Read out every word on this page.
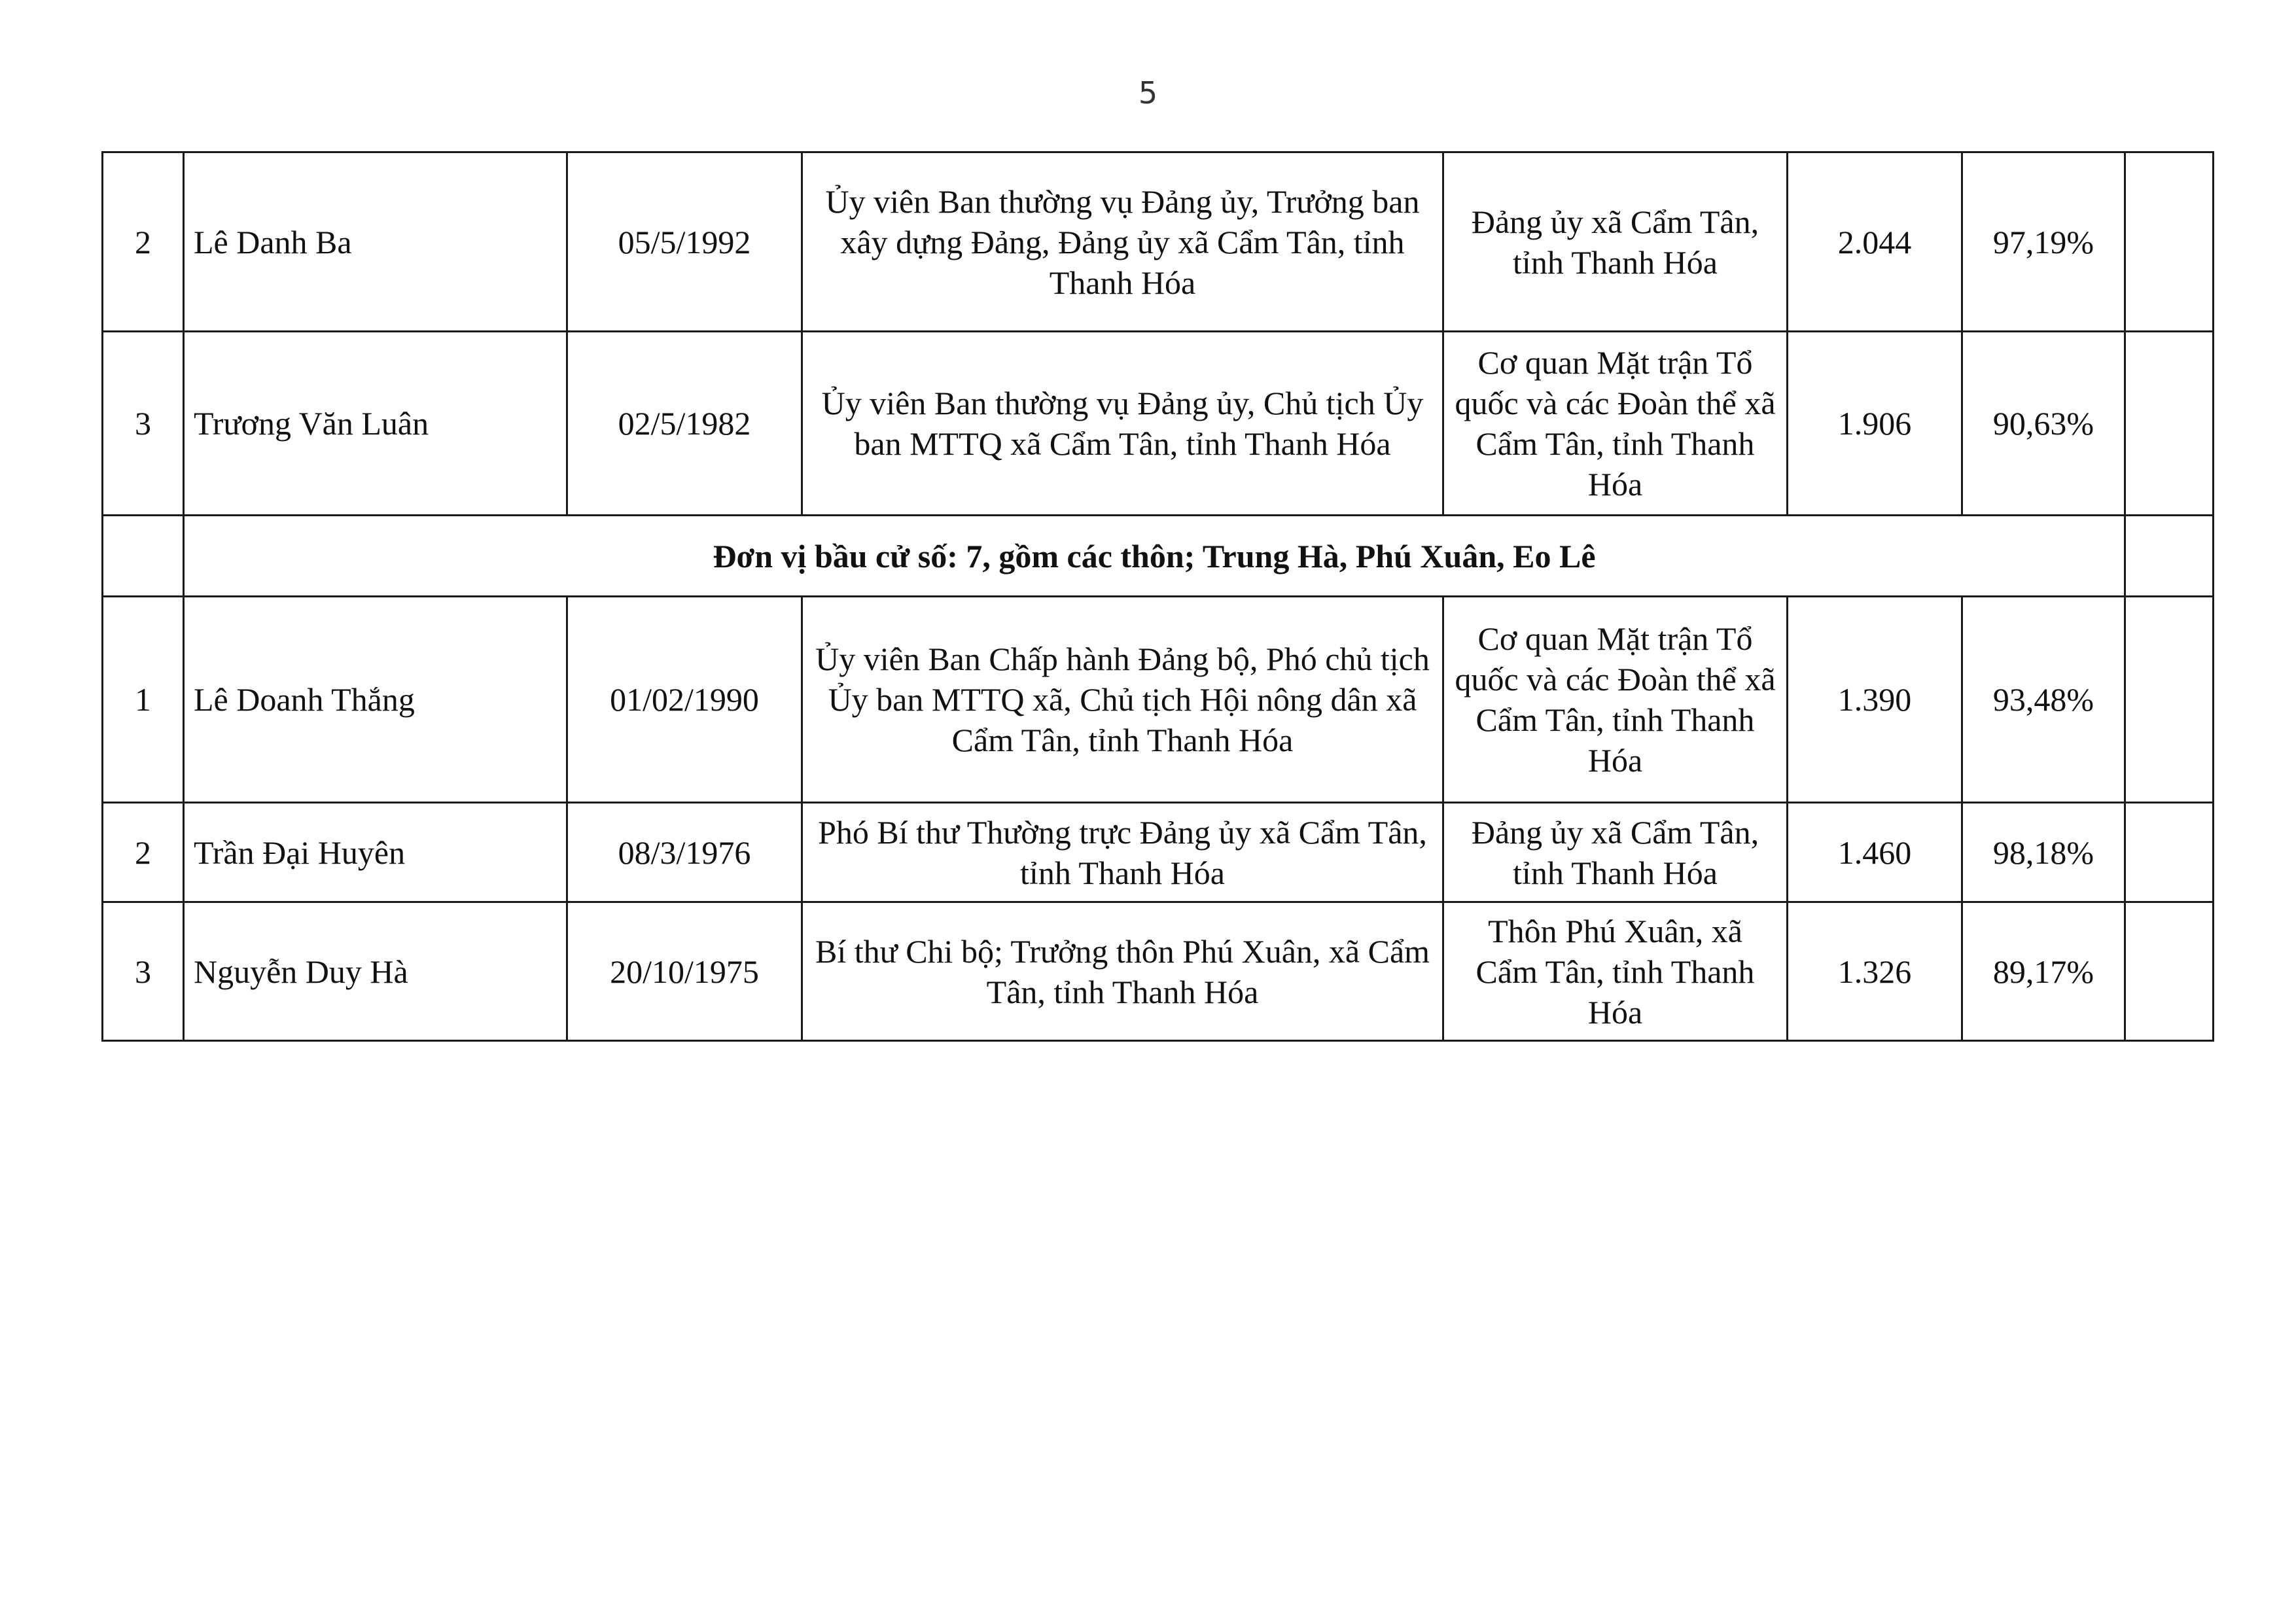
5
2	Lê Danh Ba	05/5/1992	Ủy viên Ban thường vụ Đảng ủy, Trưởng ban xây dựng Đảng, Đảng ủy xã Cẩm Tân, tỉnh Thanh Hóa	Đảng ủy xã Cẩm Tân, tỉnh Thanh Hóa	2.044	97,19%	
3	Trương Văn Luân	02/5/1982	Ủy viên Ban thường vụ Đảng ủy, Chủ tịch Ủy ban MTTQ xã Cẩm Tân, tỉnh Thanh Hóa	Cơ quan Mặt trận Tổ quốc và các Đoàn thể xã Cẩm Tân, tỉnh Thanh Hóa	1.906	90,63%	
	Đơn vị bầu cử số: 7, gồm các thôn; Trung Hà, Phú Xuân, Eo Lê						
1	Lê Doanh Thắng	01/02/1990	Ủy viên Ban Chấp hành Đảng bộ, Phó chủ tịch Ủy ban MTTQ xã, Chủ tịch Hội nông dân xã Cẩm Tân, tỉnh Thanh Hóa	Cơ quan Mặt trận Tổ quốc và các Đoàn thể xã Cẩm Tân, tỉnh Thanh Hóa	1.390	93,48%	
2	Trần Đại Huyên	08/3/1976	Phó Bí thư Thường trực Đảng ủy xã Cẩm Tân, tỉnh Thanh Hóa	Đảng ủy xã Cẩm Tân, tỉnh Thanh Hóa	1.460	98,18%	
3	Nguyễn Duy Hà	20/10/1975	Bí thư Chi bộ; Trưởng thôn Phú Xuân, xã Cẩm Tân, tỉnh Thanh Hóa	Thôn Phú Xuân, xã Cẩm Tân, tỉnh Thanh Hóa	1.326	89,17%	
